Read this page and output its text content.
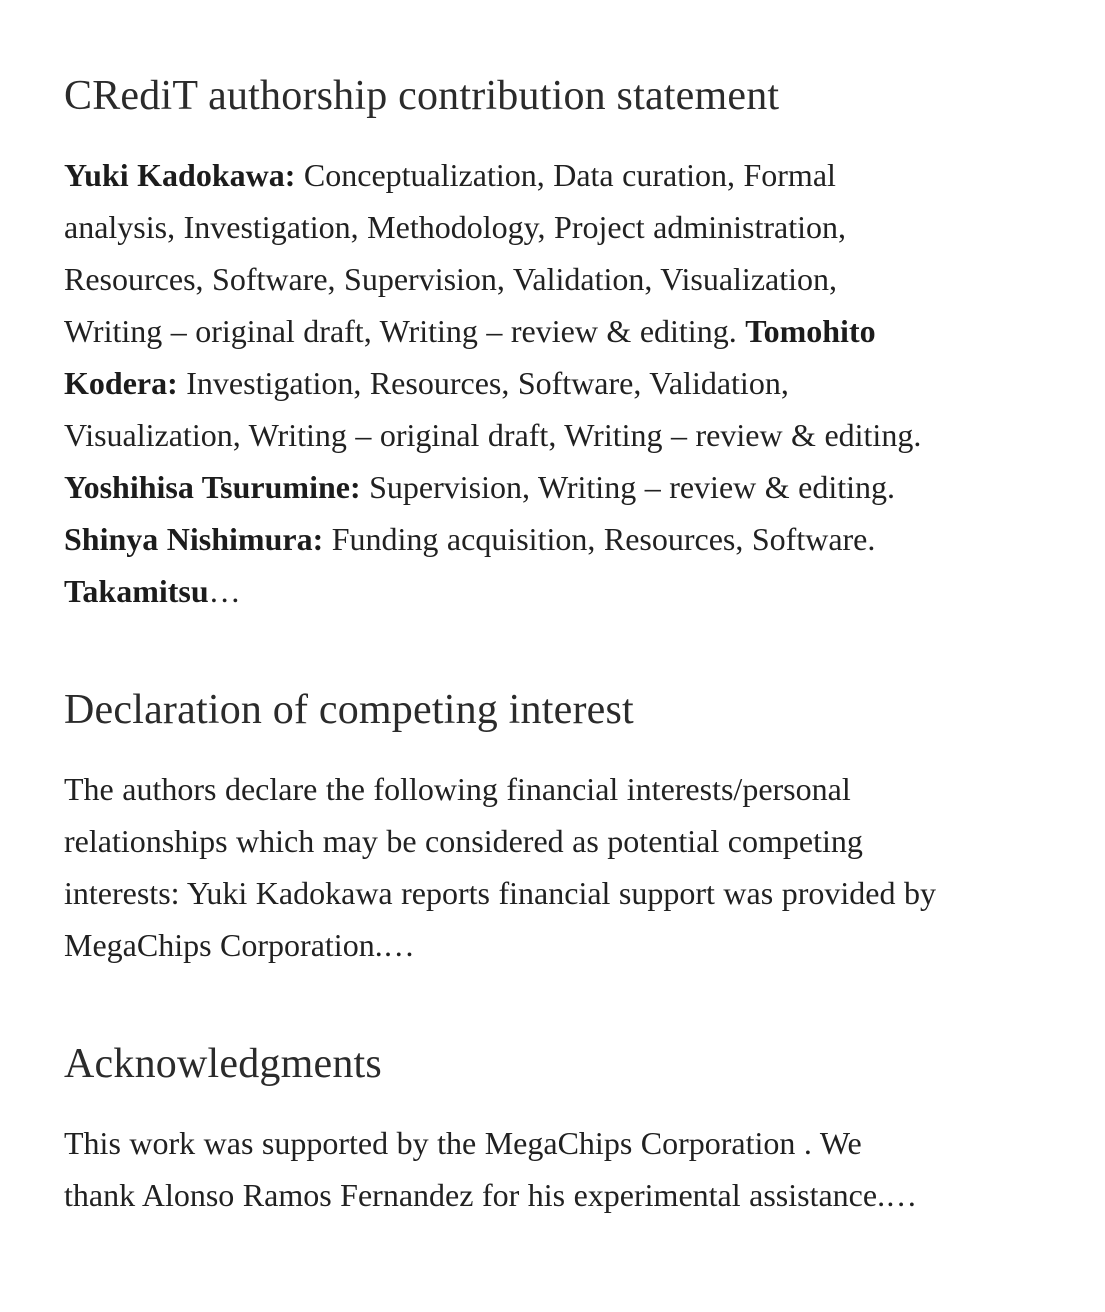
CRediT authorship contribution statement

Yuki Kadokawa: Conceptualization, Data curation, Formal analysis, Investigation, Methodology, Project administration, Resources, Software, Supervision, Validation, Visualization, Writing – original draft, Writing – review & editing. Tomohito Kodera: Investigation, Resources, Software, Validation, Visualization, Writing – original draft, Writing – review & editing. Yoshihisa Tsurumine: Supervision, Writing – review & editing. Shinya Nishimura: Funding acquisition, Resources, Software. Takamitsu…

Declaration of competing interest

The authors declare the following financial interests/personal relationships which may be considered as potential competing interests: Yuki Kadokawa reports financial support was provided by MegaChips Corporation.…

Acknowledgments

This work was supported by the MegaChips Corporation . We thank Alonso Ramos Fernandez for his experimental assistance.…
